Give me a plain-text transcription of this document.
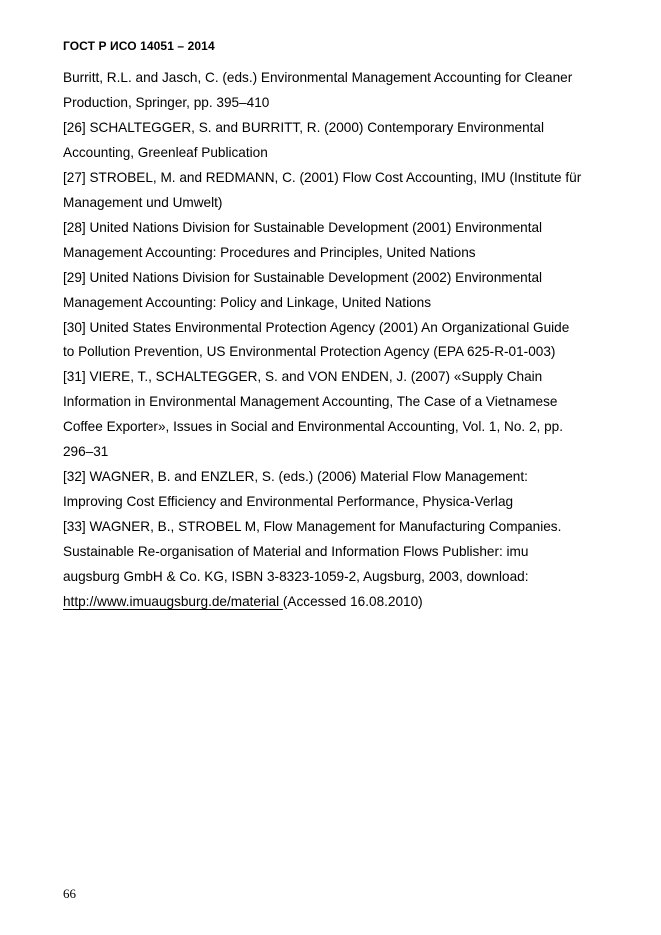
ГОСТ Р ИСО 14051 – 2014
Burritt, R.L. and Jasch, C. (eds.) Environmental Management Accounting for Cleaner
Production, Springer, pp. 395–410
[26] SCHALTEGGER, S. and BURRITT, R. (2000) Contemporary Environmental
Accounting, Greenleaf Publication
[27] STROBEL, M. and REDMANN, C. (2001) Flow Cost Accounting, IMU (Institute für
Management und Umwelt)
[28] United Nations Division for Sustainable Development (2001) Environmental
Management Accounting: Procedures and Principles, United Nations
[29] United Nations Division for Sustainable Development (2002) Environmental
Management Accounting: Policy and Linkage, United Nations
[30] United States Environmental Protection Agency (2001) An Organizational Guide
to Pollution Prevention, US Environmental Protection Agency (EPA 625-R-01-003)
[31] VIERE, T., SCHALTEGGER, S. and VON ENDEN, J. (2007) «Supply Chain
Information in Environmental Management Accounting, The Case of a Vietnamese
Coffee Exporter», Issues in Social and Environmental Accounting, Vol. 1, No. 2, pp.
296–31
[32] WAGNER, B. and ENZLER, S. (eds.) (2006) Material Flow Management:
Improving Cost Efficiency and Environmental Performance, Physica-Verlag
[33] WAGNER, B., STROBEL M, Flow Management for Manufacturing Companies.
Sustainable Re-organisation of Material and Information Flows Publisher: imu
augsburg GmbH & Co. KG, ISBN 3-8323-1059-2, Augsburg, 2003, download:
http://www.imuaugsburg.de/material (Accessed 16.08.2010)
66
